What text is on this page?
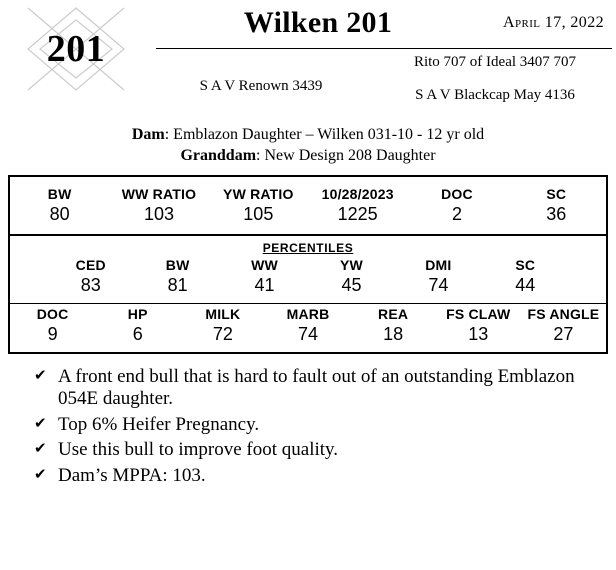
201
Wilken 201	April 17, 2022
S A V Renown 3439
Rito 707 of Ideal 3407 707
S A V Blackcap May 4136
Dam: Emblazon Daughter – Wilken 031-10 - 12 yr old
Granddam: New Design 208 Daughter
BW
80
WW RATIO
103
YW RATIO
105
10/28/2023
1225
DOC
2
SC
36
PERCENTILES
CED
83
BW
81
WW
41
YW
45
DMI
74
SC
44
DOC
9
HP
6
MILK
72
MARB
74
REA
18
FS CLAW
13
FS ANGLE
27
✔ A front end bull that is hard to fault out of an outstanding Emblazon 054E daughter.
✔ Top 6% Heifer Pregnancy.
✔ Use this bull to improve foot quality.
✔ Dam’s MPPA: 103.
